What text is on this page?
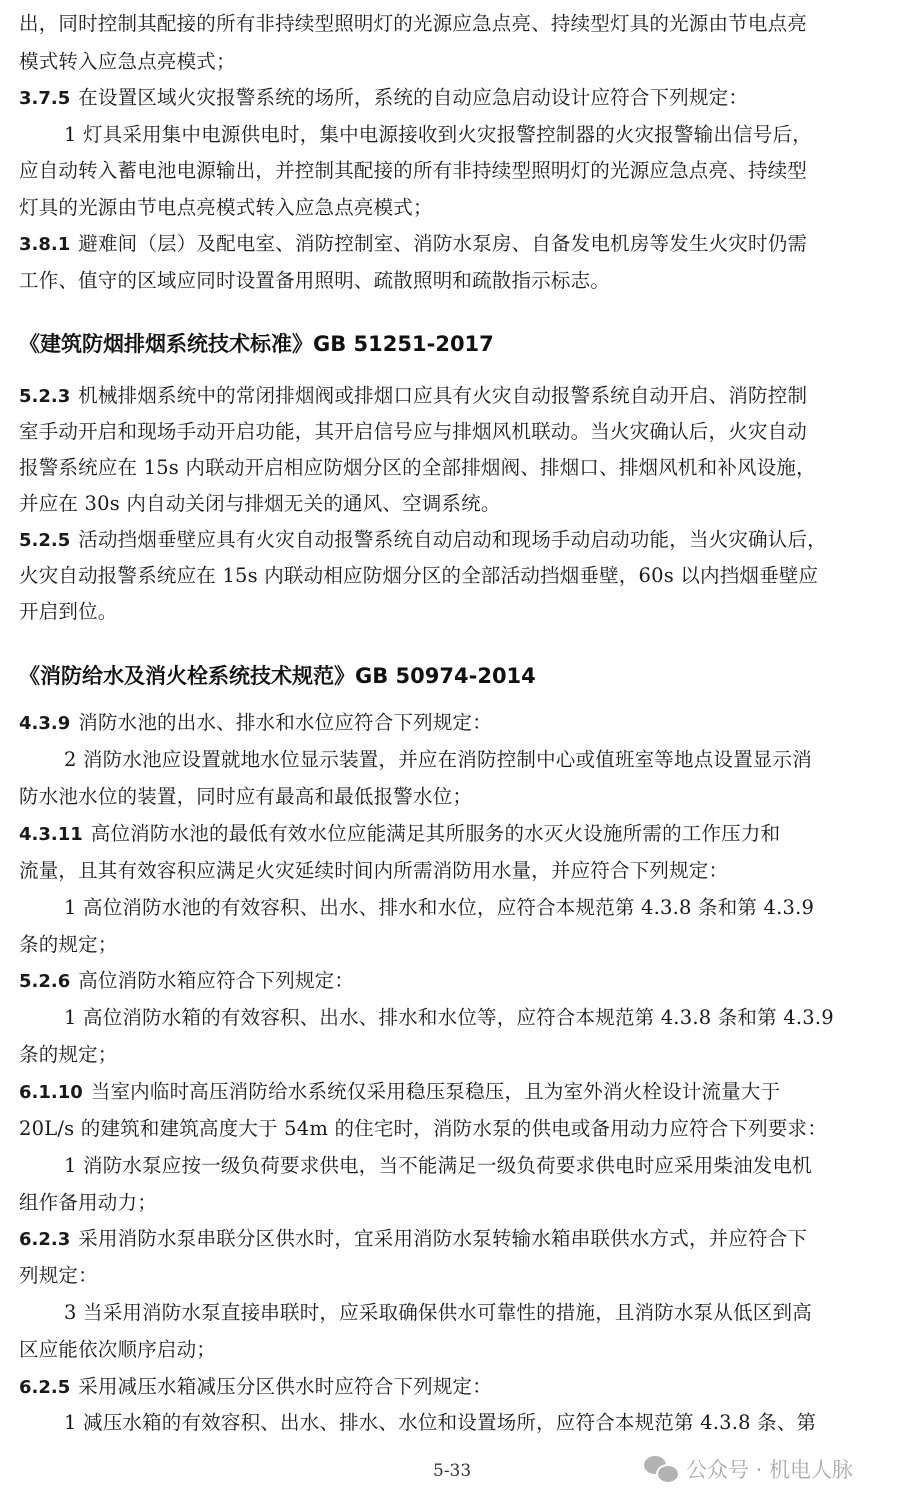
出，同时控制其配接的所有非持续型照明灯的光源应急点亮、持续型灯具的光源由节电点亮
模式转入应急点亮模式；
3.7.5 在设置区域火灾报警系统的场所，系统的自动应急启动设计应符合下列规定：
1 灯具采用集中电源供电时，集中电源接收到火灾报警控制器的火灾报警输出信号后，
应自动转入蓄电池电源输出，并控制其配接的所有非持续型照明灯的光源应急点亮、持续型
灯具的光源由节电点亮模式转入应急点亮模式；
3.8.1 避难间（层）及配电室、消防控制室、消防水泵房、自备发电机房等发生火灾时仍需
工作、值守的区域应同时设置备用照明、疏散照明和疏散指示标志。
《建筑防烟排烟系统技术标准》GB 51251-2017
5.2.3 机械排烟系统中的常闭排烟阀或排烟口应具有火灾自动报警系统自动开启、消防控制
室手动开启和现场手动开启功能，其开启信号应与排烟风机联动。当火灾确认后，火灾自动
报警系统应在 15s 内联动开启相应防烟分区的全部排烟阀、排烟口、排烟风机和补风设施，
并应在 30s 内自动关闭与排烟无关的通风、空调系统。
5.2.5 活动挡烟垂壁应具有火灾自动报警系统自动启动和现场手动启动功能，当火灾确认后，
火灾自动报警系统应在 15s 内联动相应防烟分区的全部活动挡烟垂壁，60s 以内挡烟垂壁应
开启到位。
《消防给水及消火栓系统技术规范》GB 50974-2014
4.3.9 消防水池的出水、排水和水位应符合下列规定：
2 消防水池应设置就地水位显示装置，并应在消防控制中心或值班室等地点设置显示消
防水池水位的装置，同时应有最高和最低报警水位；
4.3.11 高位消防水池的最低有效水位应能满足其所服务的水灭火设施所需的工作压力和
流量，且其有效容积应满足火灾延续时间内所需消防用水量，并应符合下列规定：
1 高位消防水池的有效容积、出水、排水和水位，应符合本规范第 4.3.8 条和第 4.3.9
条的规定；
5.2.6 高位消防水箱应符合下列规定：
1 高位消防水箱的有效容积、出水、排水和水位等，应符合本规范第 4.3.8 条和第 4.3.9
条的规定；
6.1.10 当室内临时高压消防给水系统仅采用稳压泵稳压，且为室外消火栓设计流量大于
20L/s 的建筑和建筑高度大于 54m 的住宅时，消防水泵的供电或备用动力应符合下列要求：
1 消防水泵应按一级负荷要求供电，当不能满足一级负荷要求供电时应采用柴油发电机
组作备用动力；
6.2.3 采用消防水泵串联分区供水时，宜采用消防水泵转输水箱串联供水方式，并应符合下
列规定：
3 当采用消防水泵直接串联时，应采取确保供水可靠性的措施，且消防水泵从低区到高
区应能依次顺序启动；
6.2.5 采用减压水箱减压分区供水时应符合下列规定：
1 减压水箱的有效容积、出水、排水、水位和设置场所，应符合本规范第 4.3.8 条、第
5-33	公众号 · 机电人脉
